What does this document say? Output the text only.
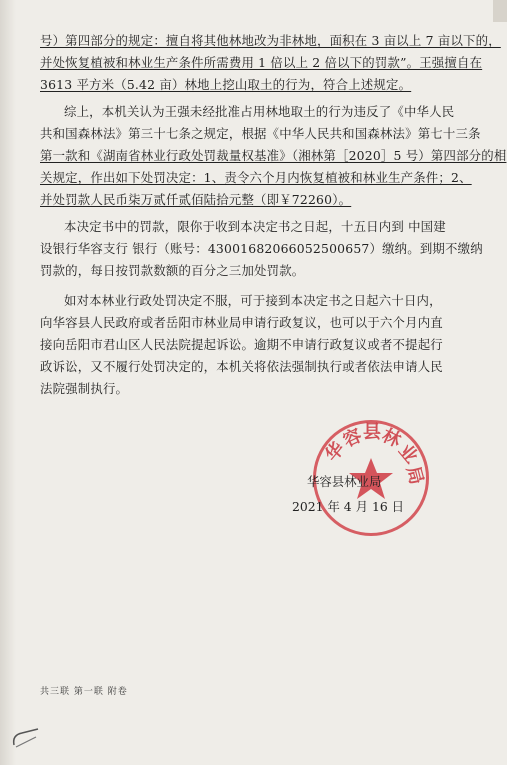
号）第四部分的规定：擅自将其他林地改为非林地，面积在 3 亩以上 7 亩以下的，
并处恢复植被和林业生产条件所需费用 1 倍以上 2 倍以下的罚款”。王强擅自在
3613 平方米（5.42 亩）林地上挖山取土的行为，符合上述规定。
综上，本机关认为王强未经批准占用林地取土的行为违反了《中华人民
共和国森林法》第三十七条之规定，根据《中华人民共和国森林法》第七十三条
第一款和《湖南省林业行政处罚裁量权基准》（湘林第［2020］5 号）第四部分的相
关规定，作出如下处罚决定：1、责令六个月内恢复植被和林业生产条件；2、
并处罚款人民币柒万贰仟贰佰陆拾元整（即￥72260）。
本决定书中的罚款，限你于收到本决定书之日起，十五日内到 中国建
设银行华容支行 银行（账号：43001682066052500657）缴纳。到期不缴纳
罚款的，每日按罚款数额的百分之三加处罚款。
如对本林业行政处罚决定不服，可于接到本决定书之日起六十日内，
向华容县人民政府或者岳阳市林业局申请行政复议，也可以于六个月内直
接向岳阳市君山区人民法院提起诉讼。逾期不申请行政复议或者不提起行
政诉讼，又不履行处罚决定的，本机关将依法强制执行或者依法申请人民
法院强制执行。
华
容
县
林
业
局
华容县林业局
2021 年 4 月 16 日
共三联 第一联 附卷
